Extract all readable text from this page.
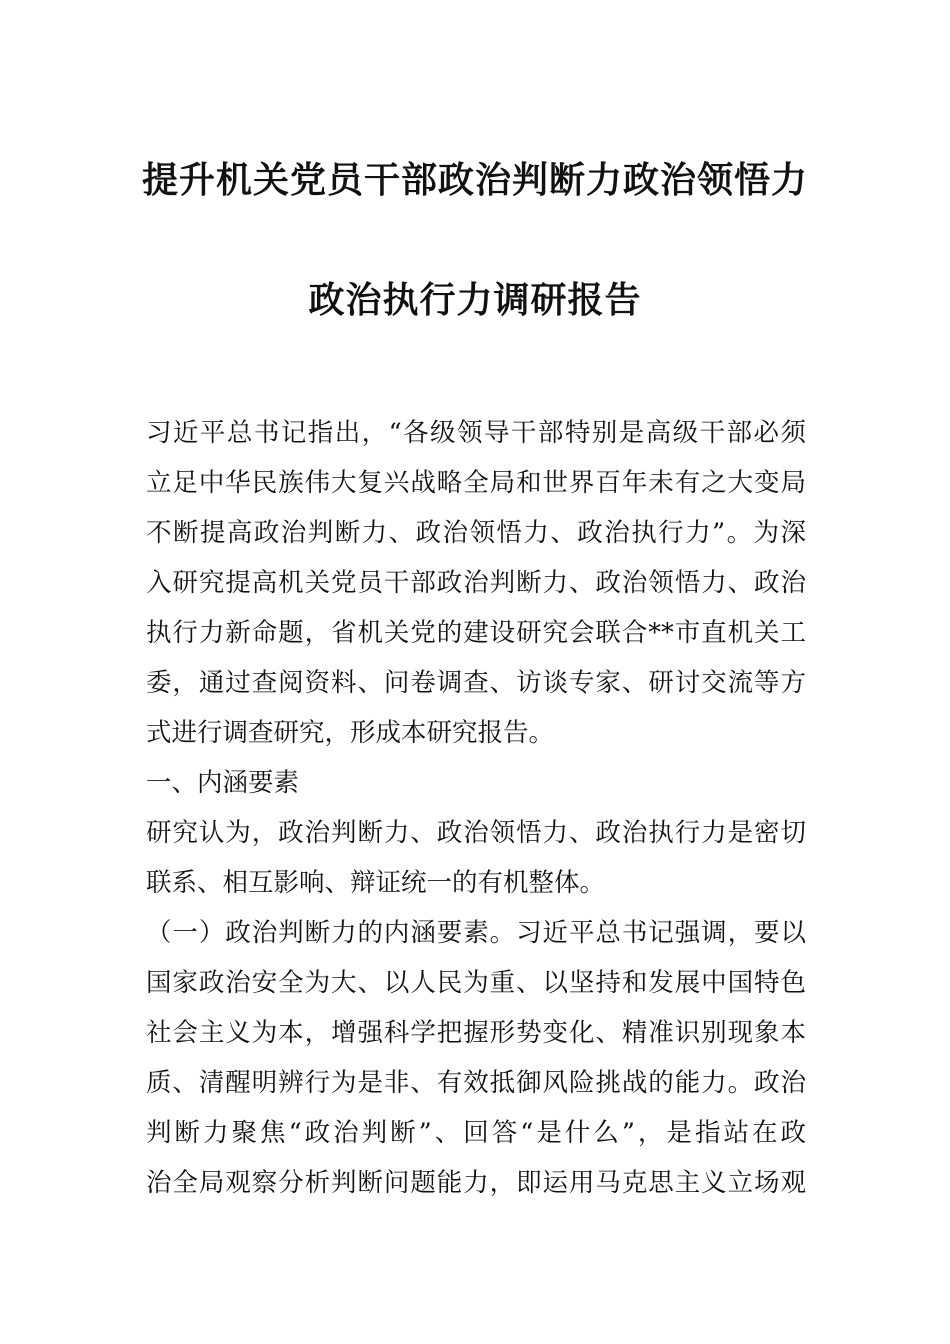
提升机关党员干部政治判断力政治领悟力
政治执行力调研报告
习近平总书记指出，“各级领导干部特别是高级干部必须
立足中华民族伟大复兴战略全局和世界百年未有之大变局
不断提高政治判断力、政治领悟力、政治执行力”。为深
入研究提高机关党员干部政治判断力、政治领悟力、政治
执行力新命题，省机关党的建设研究会联合**市直机关工
委，通过查阅资料、问卷调查、访谈专家、研讨交流等方
式进行调查研究，形成本研究报告。
一、内涵要素
研究认为，政治判断力、政治领悟力、政治执行力是密切
联系、相互影响、辩证统一的有机整体。
（一）政治判断力的内涵要素。习近平总书记强调，要以
国家政治安全为大、以人民为重、以坚持和发展中国特色
社会主义为本，增强科学把握形势变化、精准识别现象本
质、清醒明辨行为是非、有效抵御风险挑战的能力。政治
判断力聚焦“政治判断”、回答“是什么”，是指站在政
治全局观察分析判断问题能力，即运用马克思主义立场观
